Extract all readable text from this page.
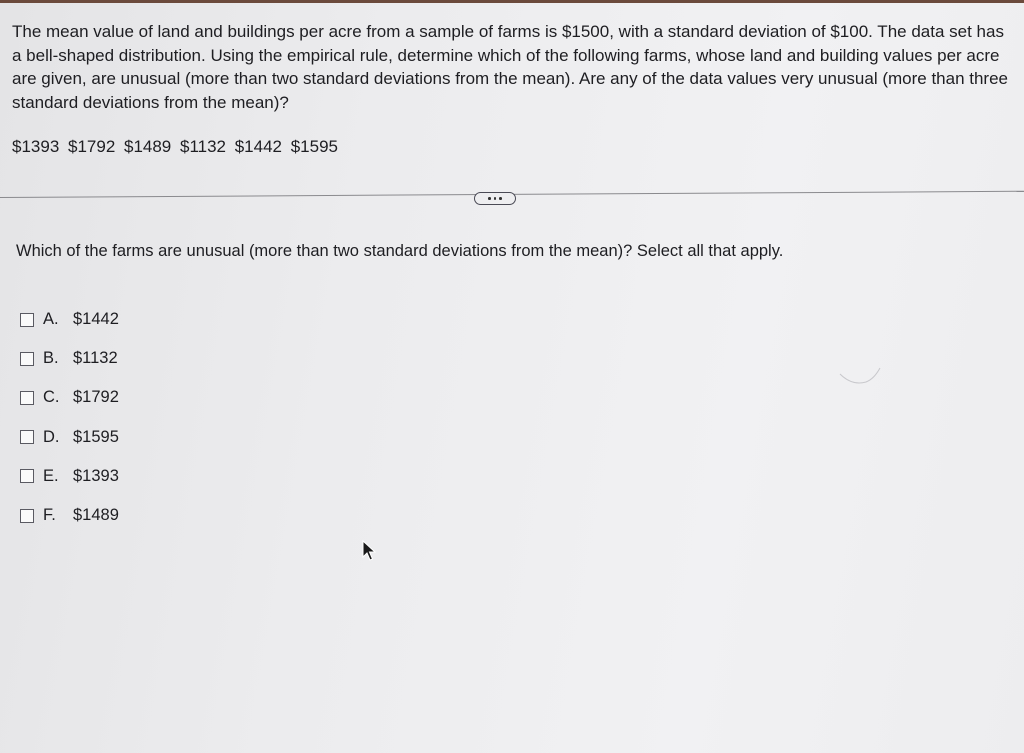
The mean value of land and buildings per acre from a sample of farms is $1500, with a standard deviation of $100. The data set has a bell-shaped distribution. Using the empirical rule, determine which of the following farms, whose land and building values per acre are given, are unusual (more than two standard deviations from the mean). Are any of the data values very unusual (more than three standard deviations from the mean)?

$1393 $1792 $1489 $1132 $1442 $1595

Which of the farms are unusual (more than two standard deviations from the mean)? Select all that apply.

A. $1442
B. $1132
C. $1792
D. $1595
E. $1393
F.	$1489
